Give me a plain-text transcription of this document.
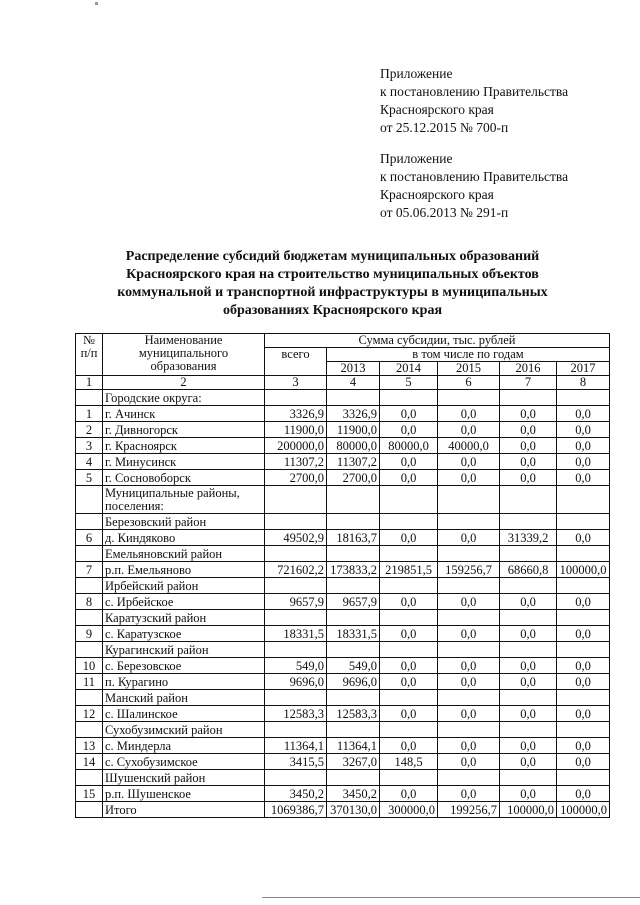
Приложение
к постановлению Правительства
Красноярского края
от 25.12.2015 № 700-п
Приложение
к постановлению Правительства
Красноярского края
от 05.06.2013 № 291-п
Распределение субсидий бюджетам муниципальных образований
Красноярского края на строительство муниципальных объектов
коммунальной и транспортной инфраструктуры в муниципальных
образованиях Красноярского края
№ п/п	Наименование муниципального образования	Сумма субсидии, тыс. рублей					
		всего	в том числе по годам				
			2013	2014	2015	2016	2017
1	2	3	4	5	6	7	8
	Городские округа:						
1	г. Ачинск	3326,9	3326,9	0,0	0,0	0,0	0,0
2	г. Дивногорск	11900,0	11900,0	0,0	0,0	0,0	0,0
3	г. Красноярск	200000,0	80000,0	80000,0	40000,0	0,0	0,0
4	г. Минусинск	11307,2	11307,2	0,0	0,0	0,0	0,0
5	г. Сосновоборск	2700,0	2700,0	0,0	0,0	0,0	0,0
	Муниципальные районы, поселения:						
	Березовский район						
6	д. Киндяково	49502,9	18163,7	0,0	0,0	31339,2	0,0
	Емельяновский район						
7	р.п. Емельяново	721602,2	173833,2	219851,5	159256,7	68660,8	100000,0
	Ирбейский район						
8	с. Ирбейское	9657,9	9657,9	0,0	0,0	0,0	0,0
	Каратузский район						
9	с. Каратузское	18331,5	18331,5	0,0	0,0	0,0	0,0
	Курагинский район						
10	с. Березовское	549,0	549,0	0,0	0,0	0,0	0,0
11	п. Курагино	9696,0	9696,0	0,0	0,0	0,0	0,0
	Манский район						
12	с. Шалинское	12583,3	12583,3	0,0	0,0	0,0	0,0
	Сухобузимский район						
13	с. Миндерла	11364,1	11364,1	0,0	0,0	0,0	0,0
14	с. Сухобузимское	3415,5	3267,0	148,5	0,0	0,0	0,0
	Шушенский район						
15	р.п. Шушенское	3450,2	3450,2	0,0	0,0	0,0	0,0
	Итого	1069386,7	370130,0	300000,0	199256,7	100000,0	100000,0
